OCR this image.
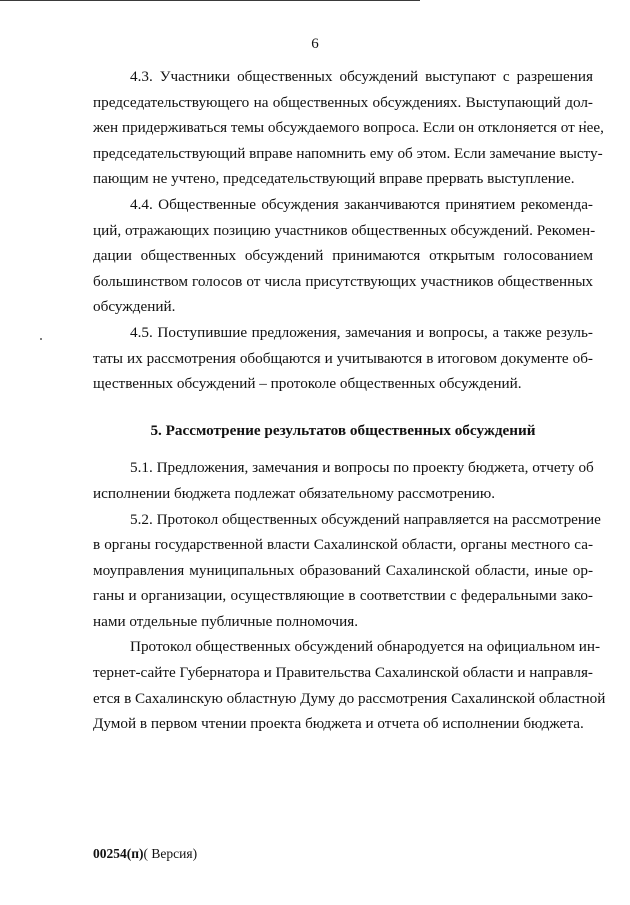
6

4.3. Участники общественных обсуждений выступают с разрешения
председательствующего на общественных обсуждениях. Выступающий дол-
жен придерживаться темы обсуждаемого вопроса. Если он отклоняется от нее,
председательствующий вправе напомнить ему об этом. Если замечание высту-
пающим не учтено, председательствующий вправе прервать выступление.

4.4. Общественные обсуждения заканчиваются принятием рекоменда-
ций, отражающих позицию участников общественных обсуждений. Рекомен-
дации общественных обсуждений принимаются открытым голосованием
большинством голосов от числа присутствующих участников общественных
обсуждений.

4.5. Поступившие предложения, замечания и вопросы, а также резуль-
таты их рассмотрения обобщаются и учитываются в итоговом документе об-
щественных обсуждений – протоколе общественных обсуждений.

5. Рассмотрение результатов общественных обсуждений

5.1. Предложения, замечания и вопросы по проекту бюджета, отчету об
исполнении бюджета подлежат обязательному рассмотрению.

5.2. Протокол общественных обсуждений направляется на рассмотрение
в органы государственной власти Сахалинской области, органы местного са-
моуправления муниципальных образований Сахалинской области, иные ор-
ганы и организации, осуществляющие в соответствии с федеральными зако-
нами отдельные публичные полномочия.

Протокол общественных обсуждений обнародуется на официальном ин-
тернет-сайте Губернатора и Правительства Сахалинской области и направля-
ется в Сахалинскую областную Думу до рассмотрения Сахалинской областной
Думой в первом чтении проекта бюджета и отчета об исполнении бюджета.

00254(п)( Версия)
